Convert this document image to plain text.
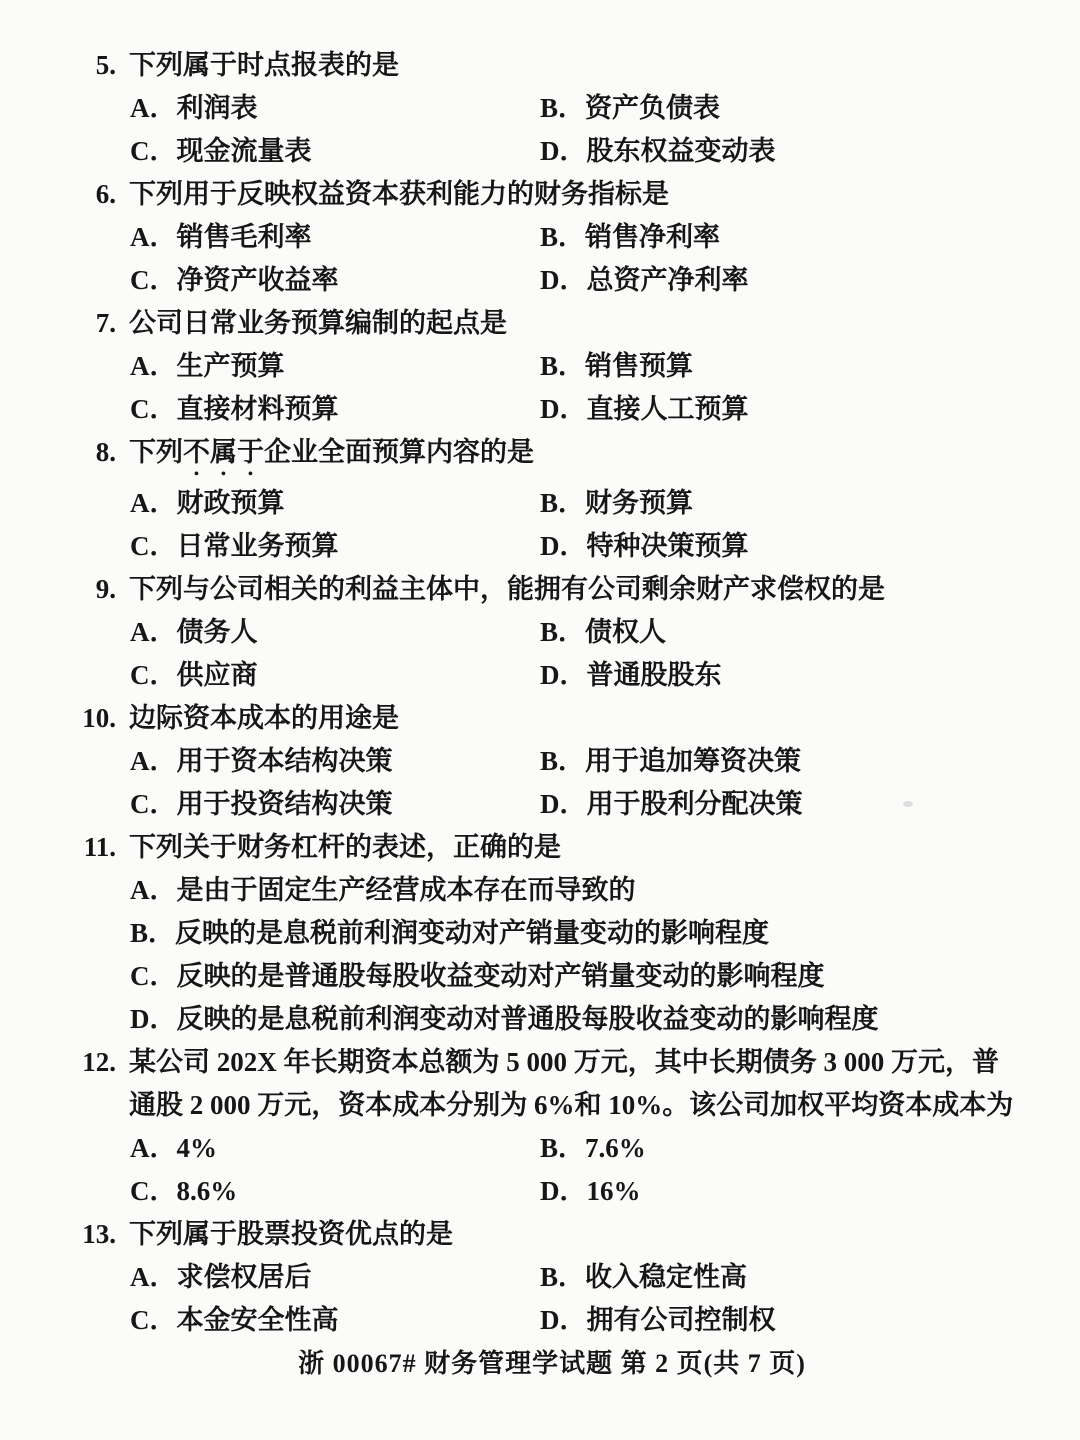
5. 下列属于时点报表的是
A． 利润表	B． 资产负债表
C． 现金流量表	D． 股东权益变动表
6. 下列用于反映权益资本获利能力的财务指标是
A． 销售毛利率	B． 销售净利率
C． 净资产收益率	D． 总资产净利率
7. 公司日常业务预算编制的起点是
A． 生产预算	B． 销售预算
C． 直接材料预算	D． 直接人工预算
8. 下列不属于企业全面预算内容的是
A． 财政预算	B． 财务预算
C． 日常业务预算	D． 特种决策预算
9. 下列与公司相关的利益主体中，能拥有公司剩余财产求偿权的是
A． 债务人	B． 债权人
C． 供应商	D． 普通股股东
10. 边际资本成本的用途是
A． 用于资本结构决策	B． 用于追加筹资决策
C． 用于投资结构决策	D． 用于股利分配决策
11. 下列关于财务杠杆的表述，正确的是
A． 是由于固定生产经营成本存在而导致的
B． 反映的是息税前利润变动对产销量变动的影响程度
C． 反映的是普通股每股收益变动对产销量变动的影响程度
D． 反映的是息税前利润变动对普通股每股收益变动的影响程度
12. 某公司 202X 年长期资本总额为 5 000 万元，其中长期债务 3 000 万元，普通股 2 000 万元，资本成本分别为 6%和 10%。该公司加权平均资本成本为
A． 4%	B． 7.6%
C． 8.6%	D． 16%
13. 下列属于股票投资优点的是
A． 求偿权居后	B． 收入稳定性高
C． 本金安全性高	D． 拥有公司控制权
浙 00067# 财务管理学试题 第 2 页(共 7 页)
